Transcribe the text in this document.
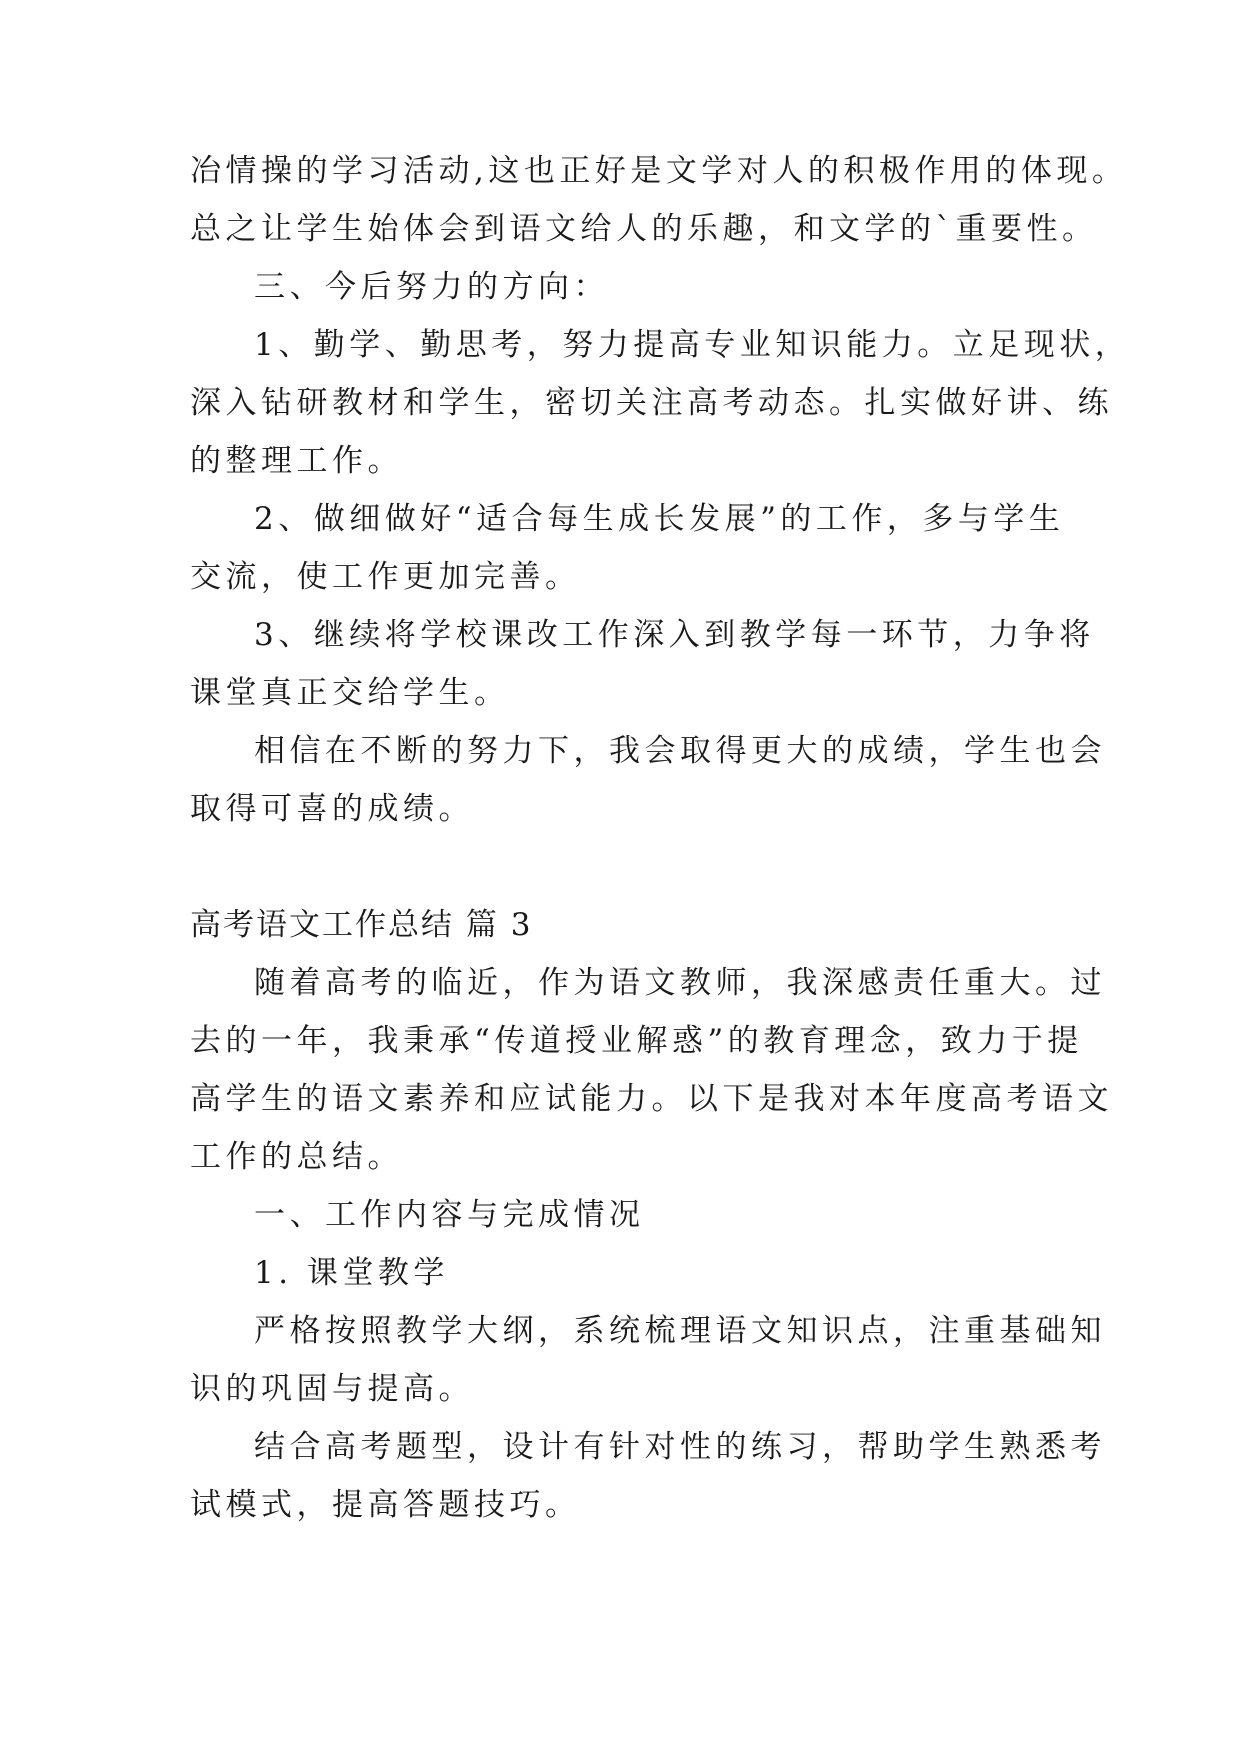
冶情操的学习活动,这也正好是文学对人的积极作用的体现。
总之让学生始体会到语文给人的乐趣，和文学的`重要性。
三、今后努力的方向：
1、勤学、勤思考，努力提高专业知识能力。立足现状，
深入钻研教材和学生，密切关注高考动态。扎实做好讲、练
的整理工作。
2、做细做好“适合每生成长发展”的工作，多与学生
交流，使工作更加完善。
3、继续将学校课改工作深入到教学每一环节，力争将
课堂真正交给学生。
相信在不断的努力下，我会取得更大的成绩，学生也会
取得可喜的成绩。
高考语文工作总结 篇 3
随着高考的临近，作为语文教师，我深感责任重大。过
去的一年，我秉承“传道授业解惑”的教育理念，致力于提
高学生的语文素养和应试能力。以下是我对本年度高考语文
工作的总结。
一、工作内容与完成情况
1. 课堂教学
严格按照教学大纲，系统梳理语文知识点，注重基础知
识的巩固与提高。
结合高考题型，设计有针对性的练习，帮助学生熟悉考
试模式，提高答题技巧。
